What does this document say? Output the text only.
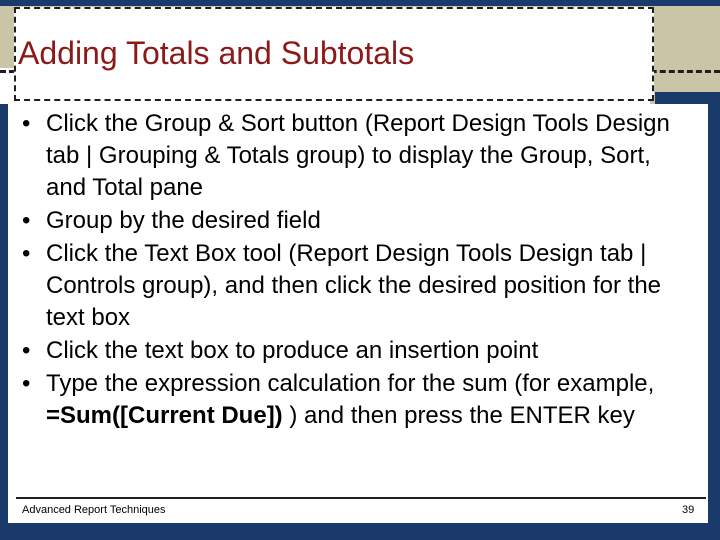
Adding Totals and Subtotals
• Click the Group & Sort button (Report Design Tools Design tab | Grouping & Totals group) to display the Group, Sort, and Total pane
• Group by the desired field
• Click the Text Box tool (Report Design Tools Design tab | Controls group), and then click the desired position for the text box
• Click the text box to produce an insertion point
• Type the expression calculation for the sum (for example, =Sum([Current Due]) ) and then press the ENTER key
Advanced Report Techniques	39
